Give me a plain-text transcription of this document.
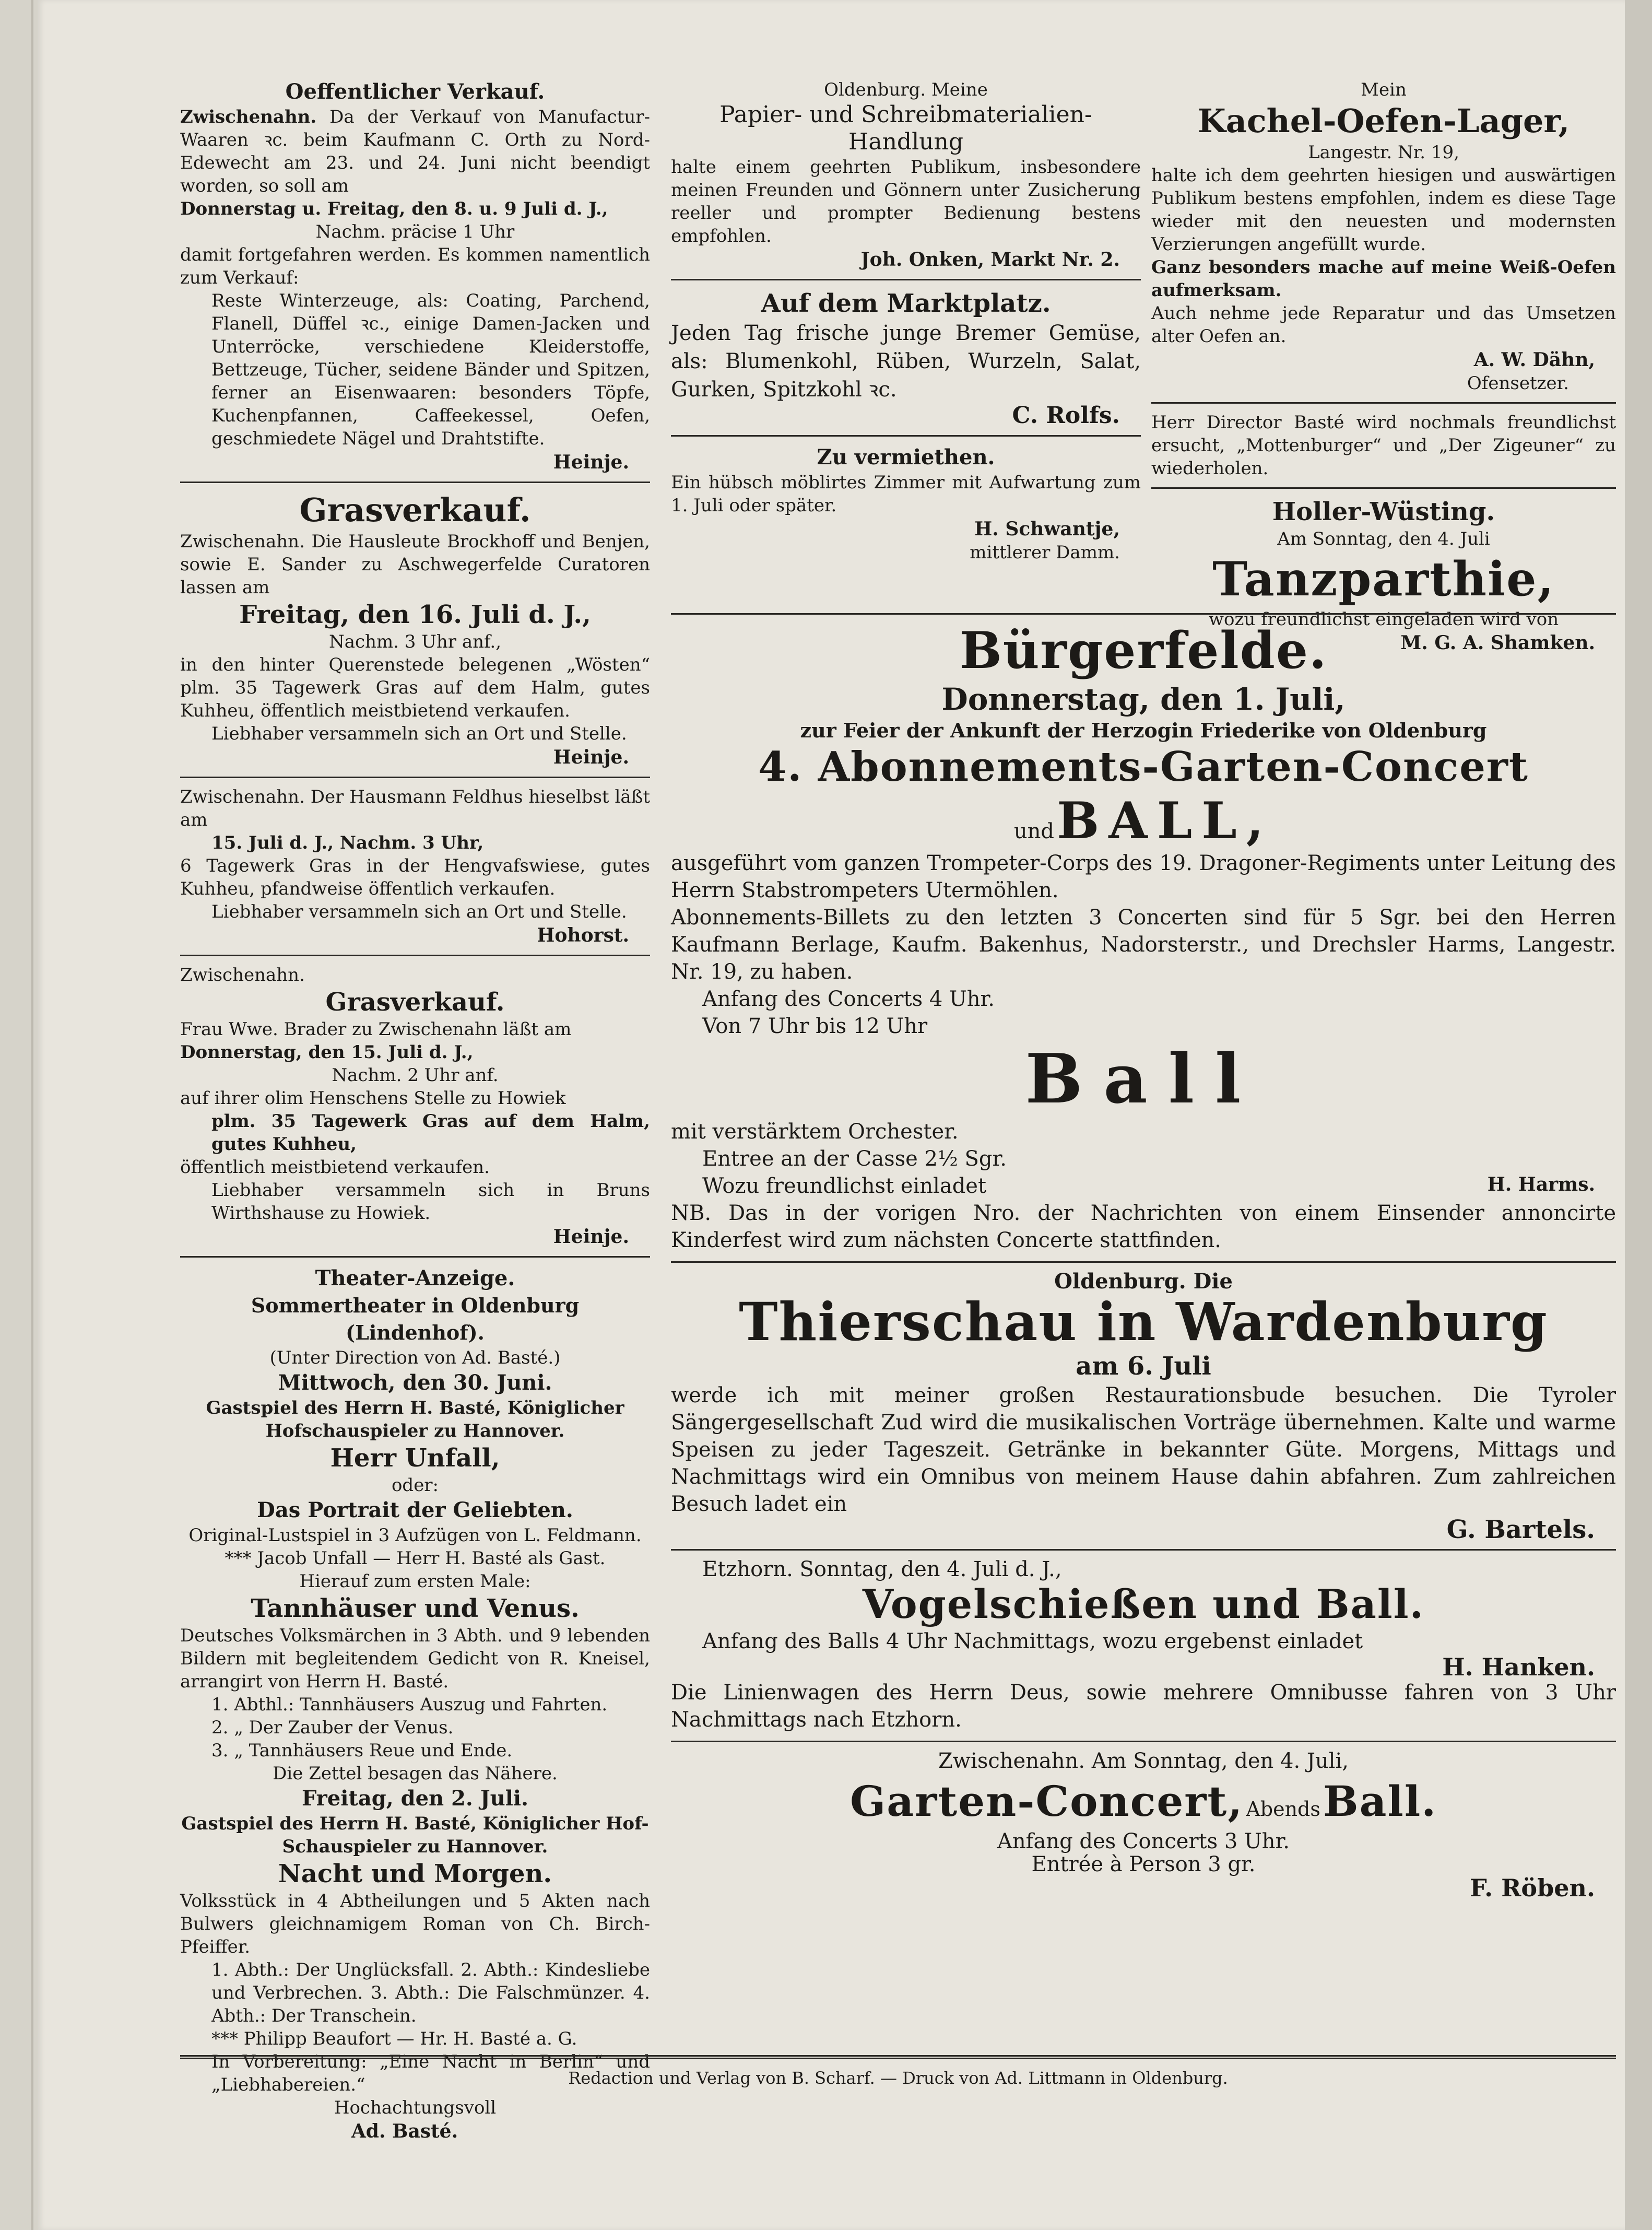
Oeffentlicher Verkauf.
Zwischenahn. Da der Verkauf von Manufactur-Waaren ꝛc. beim Kaufmann C. Orth zu Nord-Edewecht am 23. und 24. Juni nicht beendigt worden, so soll am
Donnerstag u. Freitag, den 8. u. 9 Juli d. J.,
Nachm. präcise 1 Uhr
damit fortgefahren werden. Es kommen namentlich zum Verkauf:
Reste Winterzeuge, als: Coating, Parchend, Flanell, Düffel ꝛc., einige Damen-Jacken und Unterröcke, verschiedene Kleiderstoffe, Bettzeuge, Tücher, seidene Bänder und Spitzen, ferner an Eisenwaaren: besonders Töpfe, Kuchenpfannen, Caffeekessel, Oefen, geschmiedete Nägel und Drahtstifte.
Heinje.
Grasverkauf.
Zwischenahn. Die Hausleute Brockhoff und Benjen, sowie E. Sander zu Aschwegerfelde Curatoren lassen am
Freitag, den 16. Juli d. J.,
Nachm. 3 Uhr anf.,
in den hinter Querenstede belegenen „Wösten“ plm. 35 Tagewerk Gras auf dem Halm, gutes Kuhheu, öffentlich meistbietend verkaufen.
Liebhaber versammeln sich an Ort und Stelle.
Heinje.
Zwischenahn. Der Hausmann Feldhus hieselbst läßt am
15. Juli d. J., Nachm. 3 Uhr,
6 Tagewerk Gras in der Hengvafswiese, gutes Kuhheu, pfandweise öffentlich verkaufen.
Liebhaber versammeln sich an Ort und Stelle.
Hohorst.
Zwischenahn.
Grasverkauf.
Frau Wwe. Brader zu Zwischenahn läßt am
Donnerstag, den 15. Juli d. J.,
Nachm. 2 Uhr anf.
auf ihrer olim Henschens Stelle zu Howiek
plm. 35 Tagewerk Gras auf dem Halm, gutes Kuhheu,
öffentlich meistbietend verkaufen.
Liebhaber versammeln sich in Bruns Wirthshause zu Howiek.
Heinje.
Theater-Anzeige.
Sommertheater in Oldenburg (Lindenhof).
(Unter Direction von Ad. Basté.)
Mittwoch, den 30. Juni.
Gastspiel des Herrn H. Basté, Königlicher Hofschauspieler zu Hannover.
Herr Unfall,
oder:
Das Portrait der Geliebten.
Original-Lustspiel in 3 Aufzügen von L. Feldmann.
*** Jacob Unfall — Herr H. Basté als Gast.
Hierauf zum ersten Male:
Tannhäuser und Venus.
Deutsches Volksmärchen in 3 Abth. und 9 lebenden Bildern mit begleitendem Gedicht von R. Kneisel, arrangirt von Herrn H. Basté.
1. Abthl.: Tannhäusers Auszug und Fahrten.
2. „ Der Zauber der Venus.
3. „ Tannhäusers Reue und Ende.
Die Zettel besagen das Nähere.
Freitag, den 2. Juli.
Gastspiel des Herrn H. Basté, Königlicher Hof-Schauspieler zu Hannover.
Nacht und Morgen.
Volksstück in 4 Abtheilungen und 5 Akten nach Bulwers gleichnamigem Roman von Ch. Birch-Pfeiffer.
1. Abth.: Der Unglücksfall. 2. Abth.: Kindesliebe und Verbrechen. 3. Abth.: Die Falschmünzer. 4. Abth.: Der Transchein.
*** Philipp Beaufort — Hr. H. Basté a. G.
In Vorbereitung: „Eine Nacht in Berlin“ und „Liebhabereien.“
Hochachtungsvoll
Ad. Basté.
Oldenburg. Meine
Papier- und Schreibmaterialien-Handlung
halte einem geehrten Publikum, insbesondere meinen Freunden und Gönnern unter Zusicherung reeller und prompter Bedienung bestens empfohlen.
Joh. Onken, Markt Nr. 2.
Auf dem Marktplatz.
Jeden Tag frische junge Bremer Gemüse, als: Blumenkohl, Rüben, Wurzeln, Salat, Gurken, Spitzkohl ꝛc.
C. Rolfs.
Zu vermiethen.
Ein hübsch möblirtes Zimmer mit Aufwartung zum 1. Juli oder später.
H. Schwantje,
mittlerer Damm.
Mein
Kachel-Oefen-Lager,
Langestr. Nr. 19,
halte ich dem geehrten hiesigen und auswärtigen Publikum bestens empfohlen, indem es diese Tage wieder mit den neuesten und modernsten Verzierungen angefüllt wurde.
Ganz besonders mache auf meine Weiß-Oefen aufmerksam.
Auch nehme jede Reparatur und das Umsetzen alter Oefen an.
A. W. Dähn,
Ofensetzer.
Herr Director Basté wird nochmals freundlichst ersucht, „Mottenburger“ und „Der Zigeuner“ zu wiederholen.
Holler-Wüsting.
Am Sonntag, den 4. Juli
Tanzparthie,
wozu freundlichst eingeladen wird von
M. G. A. Shamken.
Bürgerfelde.
Donnerstag, den 1. Juli,
zur Feier der Ankunft der Herzogin Friederike von Oldenburg
4. Abonnements-Garten-Concert
und BALL,
ausgeführt vom ganzen Trompeter-Corps des 19. Dragoner-Regiments unter Leitung des Herrn Stabstrompeters Utermöhlen.
Abonnements-Billets zu den letzten 3 Concerten sind für 5 Sgr. bei den Herren Kaufmann Berlage, Kaufm. Bakenhus, Nadorsterstr., und Drechsler Harms, Langestr. Nr. 19, zu haben.
Anfang des Concerts 4 Uhr.
Von 7 Uhr bis 12 Uhr
Ball
mit verstärktem Orchester.
Entree an der Casse 2½ Sgr.
Wozu freundlichst einladet	H. Harms.
NB. Das in der vorigen Nro. der Nachrichten von einem Einsender annoncirte Kinderfest wird zum nächsten Concerte stattfinden.
Oldenburg. Die
Thierschau in Wardenburg
am 6. Juli
werde ich mit meiner großen Restaurationsbude besuchen. Die Tyroler Sängergesellschaft Zud wird die musikalischen Vorträge übernehmen. Kalte und warme Speisen zu jeder Tageszeit. Getränke in bekannter Güte. Morgens, Mittags und Nachmittags wird ein Omnibus von meinem Hause dahin abfahren. Zum zahlreichen Besuch ladet ein
G. Bartels.
Etzhorn. Sonntag, den 4. Juli d. J.,
Vogelschießen und Ball.
Anfang des Balls 4 Uhr Nachmittags, wozu ergebenst einladet
H. Hanken.
Die Linienwagen des Herrn Deus, sowie mehrere Omnibusse fahren von 3 Uhr Nachmittags nach Etzhorn.
Zwischenahn. Am Sonntag, den 4. Juli,
Garten-Concert, Abends Ball.
Anfang des Concerts 3 Uhr.
Entrée à Person 3 gr.
F. Röben.
Redaction und Verlag von B. Scharf. — Druck von Ad. Littmann in Oldenburg.
